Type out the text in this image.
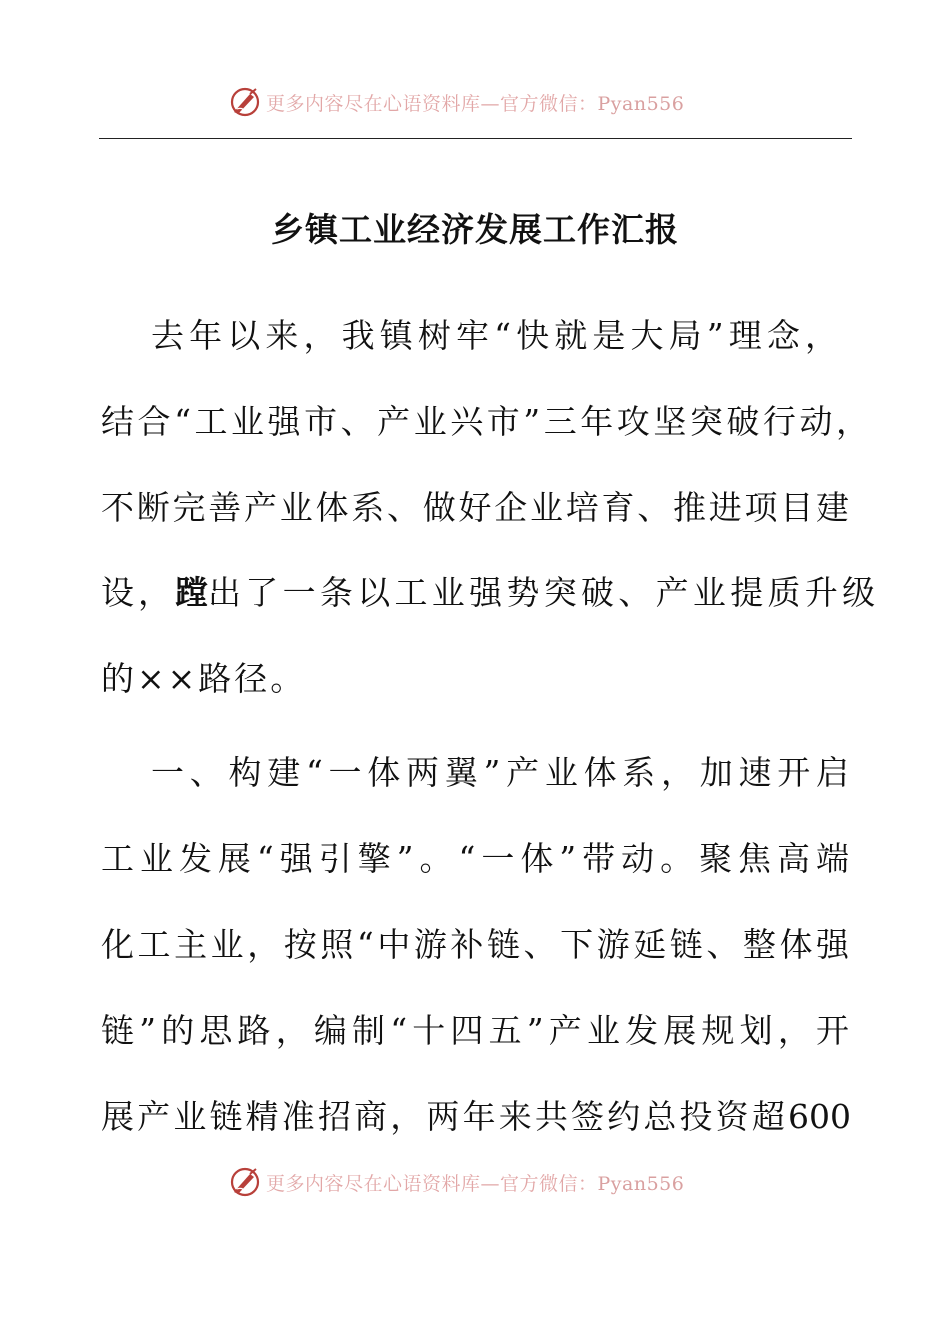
更多内容尽在心语资料库—官方微信：Pyan556
乡镇工业经济发展工作汇报
去年以来，我镇树牢“快就是大局”理念，
结合“工业强市、产业兴市”三年攻坚突破行动，
不断完善产业体系、做好企业培育、推进项目建
设，蹚出了一条以工业强势突破、产业提质升级
的××路径。
一、构建“一体两翼”产业体系，加速开启
工业发展“强引擎”。“一体”带动。聚焦高端
化工主业，按照“中游补链、下游延链、整体强
链”的思路，编制“十四五”产业发展规划，开
展产业链精准招商，两年来共签约总投资超600
更多内容尽在心语资料库—官方微信：Pyan556
